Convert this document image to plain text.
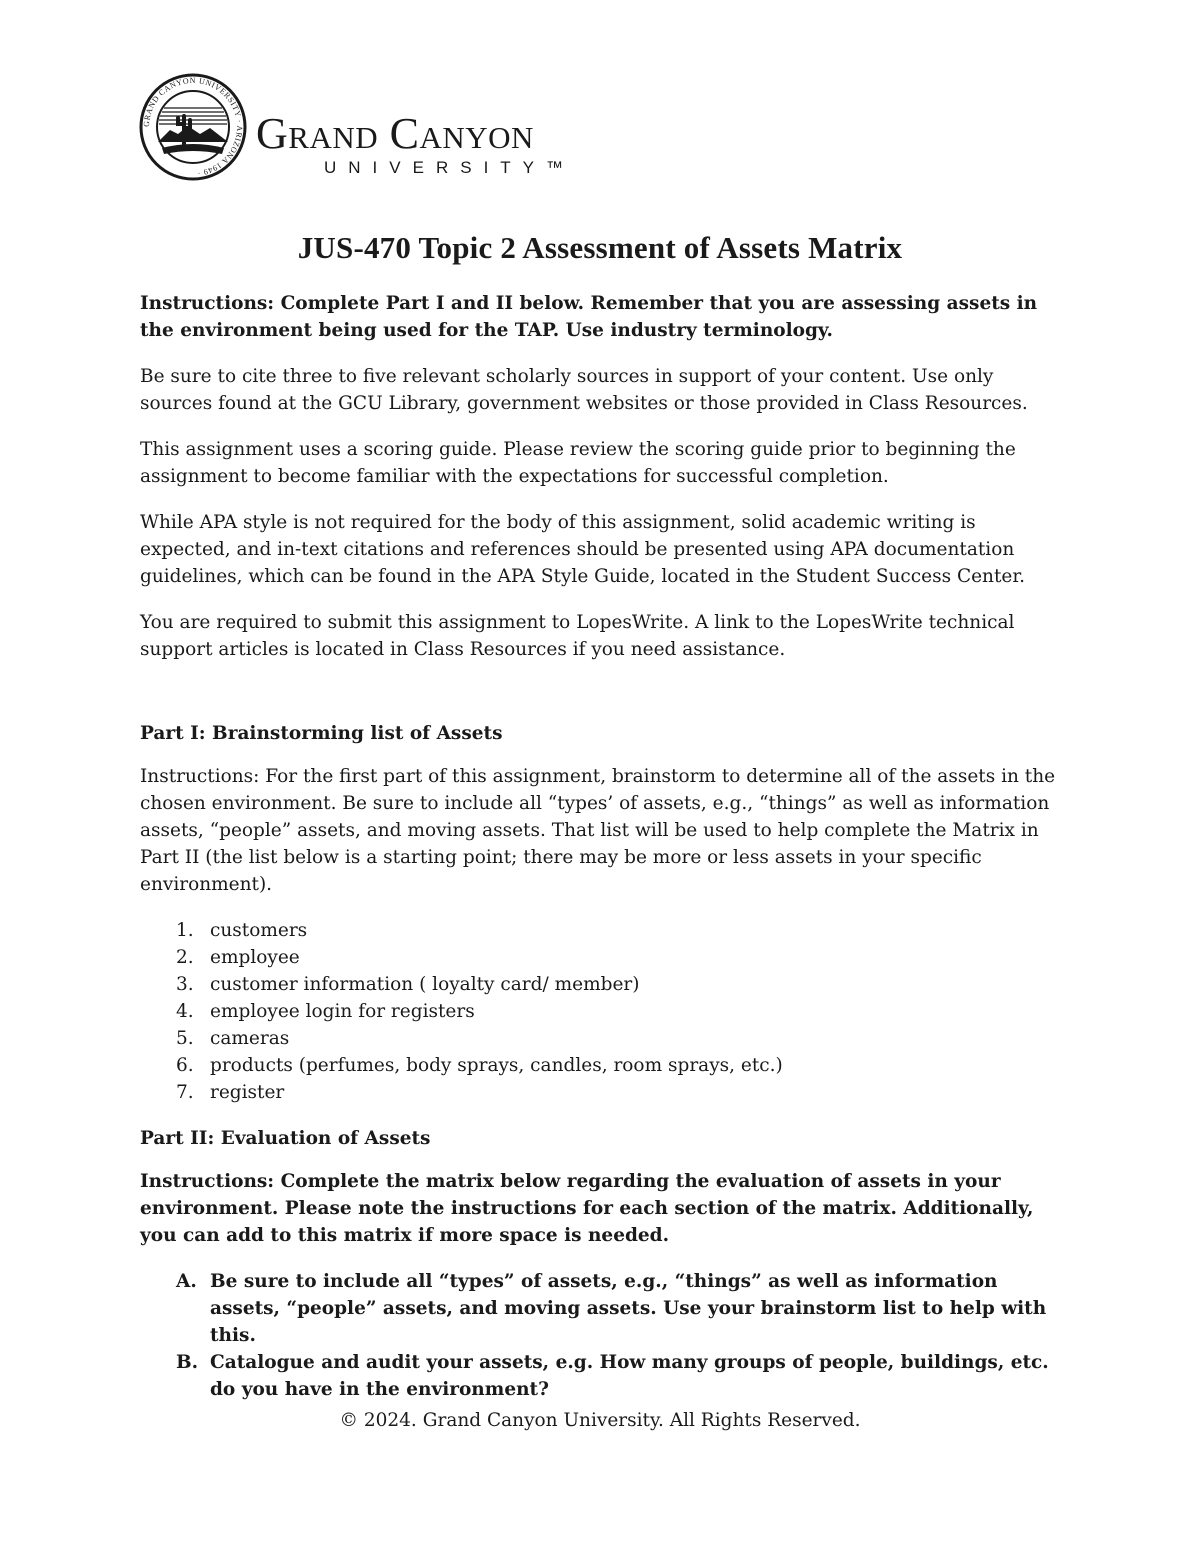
GRAND CANYON UNIVERSITY · ARIZONA 1949 ·
Grand Canyon
UNIVERSITY™
JUS-470 Topic 2 Assessment of Assets Matrix

Instructions: Complete Part I and II below. Remember that you are assessing assets in the environment being used for the TAP. Use industry terminology.

Be sure to cite three to five relevant scholarly sources in support of your content. Use only sources found at the GCU Library, government websites or those provided in Class Resources.

This assignment uses a scoring guide. Please review the scoring guide prior to beginning the assignment to become familiar with the expectations for successful completion.

While APA style is not required for the body of this assignment, solid academic writing is expected, and in-text citations and references should be presented using APA documentation guidelines, which can be found in the APA Style Guide, located in the Student Success Center.

You are required to submit this assignment to LopesWrite. A link to the LopesWrite technical support articles is located in Class Resources if you need assistance.

Part I: Brainstorming list of Assets

Instructions: For the first part of this assignment, brainstorm to determine all of the assets in the chosen environment. Be sure to include all “types’ of assets, e.g., “things” as well as information assets, “people” assets, and moving assets. That list will be used to help complete the Matrix in Part II (the list below is a starting point; there may be more or less assets in your specific environment).

1. customers
2. employee
3. customer information ( loyalty card/ member)
4. employee login for registers
5. cameras
6. products (perfumes, body sprays, candles, room sprays, etc.)
7. register
Part II: Evaluation of Assets

Instructions: Complete the matrix below regarding the evaluation of assets in your environment. Please note the instructions for each section of the matrix. Additionally, you can add to this matrix if more space is needed.

A. Be sure to include all “types” of assets, e.g., “things” as well as information assets, “people” assets, and moving assets. Use your brainstorm list to help with this.
B. Catalogue and audit your assets, e.g. How many groups of people, buildings, etc. do you have in the environment?
© 2024. Grand Canyon University. All Rights Reserved.
